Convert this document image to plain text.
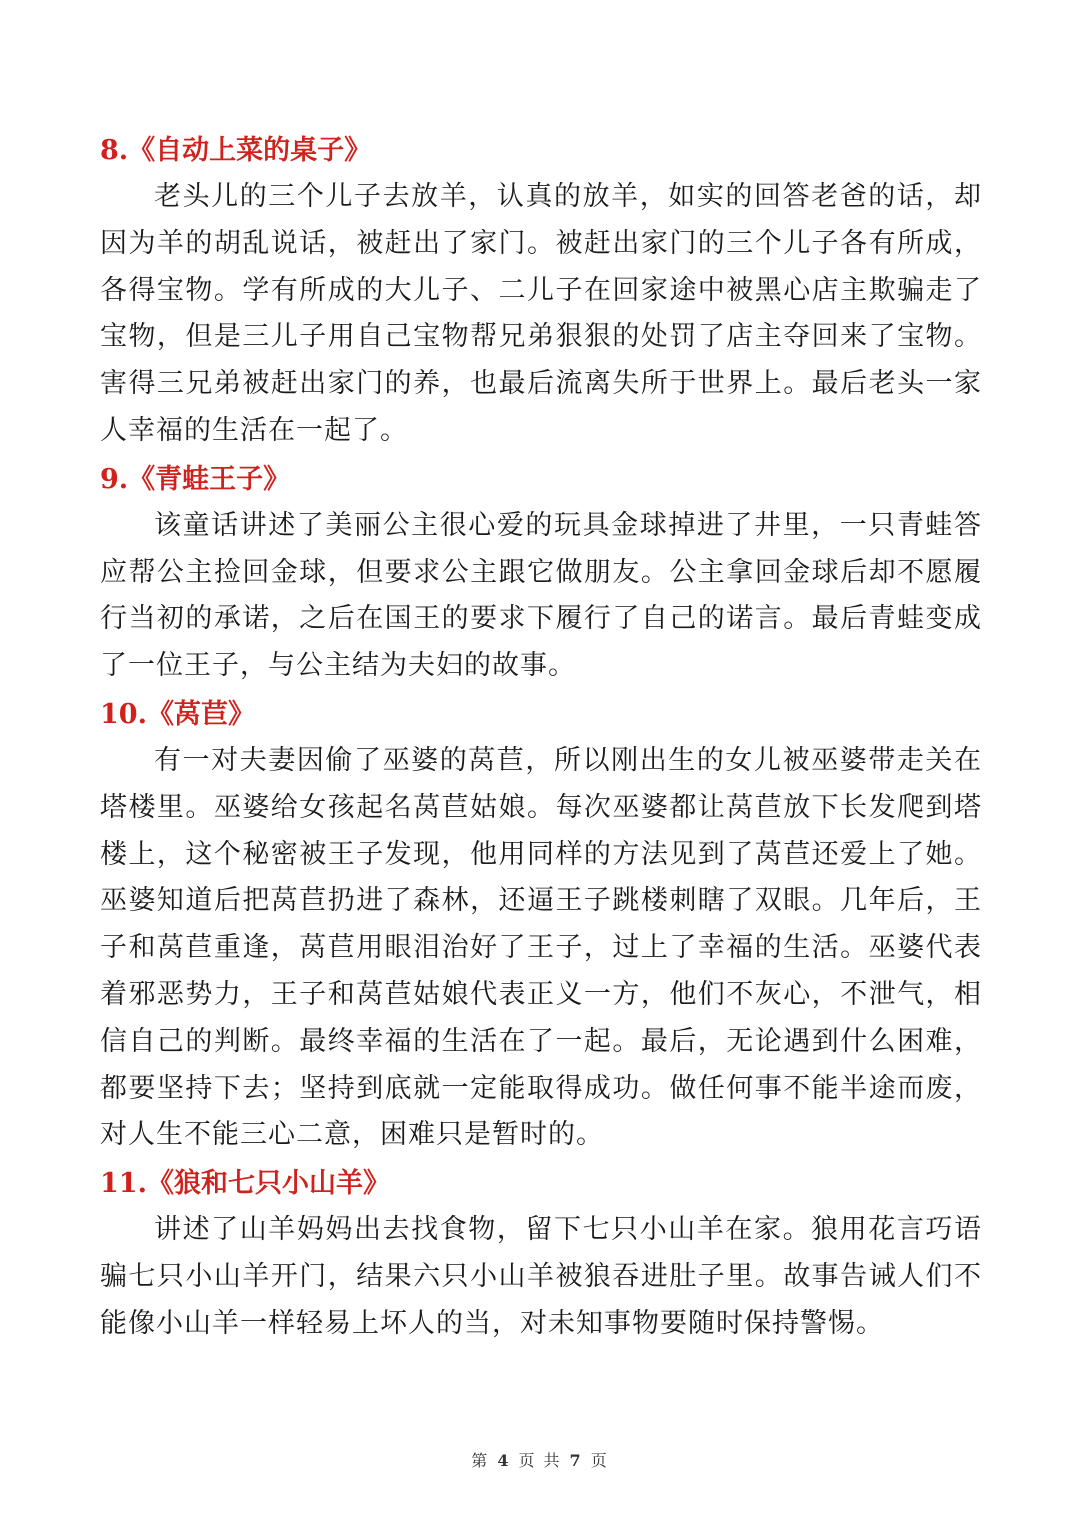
8.《自动上菜的桌子》

老头儿的三个儿子去放羊，认真的放羊，如实的回答老爸的话，却因为羊的胡乱说话，被赶出了家门。被赶出家门的三个儿子各有所成，各得宝物。学有所成的大儿子、二儿子在回家途中被黑心店主欺骗走了宝物，但是三儿子用自己宝物帮兄弟狠狠的处罚了店主夺回来了宝物。害得三兄弟被赶出家门的养，也最后流离失所于世界上。最后老头一家人幸福的生活在一起了。

9.《青蛙王子》

该童话讲述了美丽公主很心爱的玩具金球掉进了井里，一只青蛙答应帮公主捡回金球，但要求公主跟它做朋友。公主拿回金球后却不愿履行当初的承诺，之后在国王的要求下履行了自己的诺言。最后青蛙变成了一位王子，与公主结为夫妇的故事。

10.《莴苣》

有一对夫妻因偷了巫婆的莴苣，所以刚出生的女儿被巫婆带走关在塔楼里。巫婆给女孩起名莴苣姑娘。每次巫婆都让莴苣放下长发爬到塔楼上，这个秘密被王子发现，他用同样的方法见到了莴苣还爱上了她。巫婆知道后把莴苣扔进了森林，还逼王子跳楼刺瞎了双眼。几年后，王子和莴苣重逢，莴苣用眼泪治好了王子，过上了幸福的生活。巫婆代表着邪恶势力，王子和莴苣姑娘代表正义一方，他们不灰心，不泄气，相信自己的判断。最终幸福的生活在了一起。最后，无论遇到什么困难，都要坚持下去；坚持到底就一定能取得成功。做任何事不能半途而废，对人生不能三心二意，困难只是暂时的。

11.《狼和七只小山羊》

讲述了山羊妈妈出去找食物，留下七只小山羊在家。狼用花言巧语骗七只小山羊开门，结果六只小山羊被狼吞进肚子里。故事告诫人们不能像小山羊一样轻易上坏人的当，对未知事物要随时保持警惕。

第 4 页 共 7 页
